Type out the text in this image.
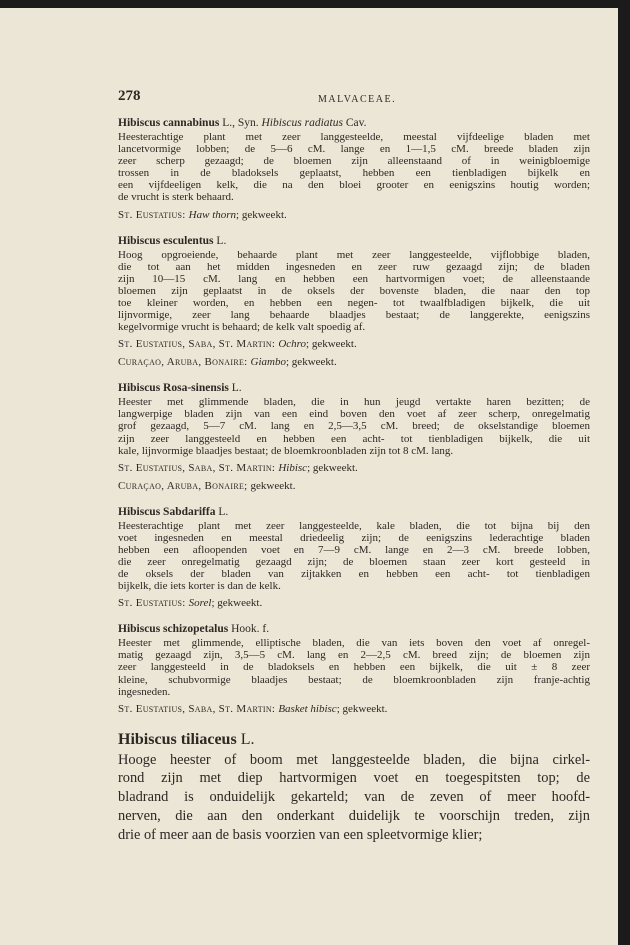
278	MALVACEAE.
Hibiscus cannabinus L., Syn. Hibiscus radiatus Cav.
Heesterachtige plant met zeer langgesteelde, meestal vijfdeelige bladen met
lancetvormige lobben; de 5—6 cM. lange en 1—1,5 cM. breede bladen zijn
zeer scherp gezaagd; de bloemen zijn alleenstaand of in weinigbloemige
trossen in de bladoksels geplaatst, hebben een tienbladigen bijkelk en
een vijfdeeligen kelk, die na den bloei grooter en eenigszins houtig worden;
de vrucht is sterk behaard.
St. Eustatius: Haw thorn; gekweekt.
Hibiscus esculentus L.
Hoog opgroeiende, behaarde plant met zeer langgesteelde, vijflobbige bladen,
die tot aan het midden ingesneden en zeer ruw gezaagd zijn; de bladen
zijn 10—15 cM. lang en hebben een hartvormigen voet; de alleenstaande
bloemen zijn geplaatst in de oksels der bovenste bladen, die naar den top
toe kleiner worden, en hebben een negen- tot twaalfbladigen bijkelk, die uit
lijnvormige, zeer lang behaarde blaadjes bestaat; de langgerekte, eenigszins
kegelvormige vrucht is behaard; de kelk valt spoedig af.
St. Eustatius, Saba, St. Martin: Ochro; gekweekt.
Curaçao, Aruba, Bonaire: Giambo; gekweekt.
Hibiscus Rosa-sinensis L.
Heester met glimmende bladen, die in hun jeugd vertakte haren bezitten; de
langwerpige bladen zijn van een eind boven den voet af zeer scherp, onregelmatig
grof gezaagd, 5—7 cM. lang en 2,5—3,5 cM. breed; de okselstandige bloemen
zijn zeer langgesteeld en hebben een acht- tot tienbladigen bijkelk, die uit
kale, lijnvormige blaadjes bestaat; de bloemkroonbladen zijn tot 8 cM. lang.
St. Eustatius, Saba, St. Martin: Hibisc; gekweekt.
Curaçao, Aruba, Bonaire; gekweekt.
Hibiscus Sabdariffa L.
Heesterachtige plant met zeer langgesteelde, kale bladen, die tot bijna bij den
voet ingesneden en meestal driedeelig zijn; de eenigszins lederachtige bladen
hebben een afloopenden voet en 7—9 cM. lange en 2—3 cM. breede lobben,
die zeer onregelmatig gezaagd zijn; de bloemen staan zeer kort gesteeld in
de oksels der bladen van zijtakken en hebben een acht- tot tienbladigen
bijkelk, die iets korter is dan de kelk.
St. Eustatius: Sorel; gekweekt.
Hibiscus schizopetalus Hook. f.
Heester met glimmende, elliptische bladen, die van iets boven den voet af onregel-
matig gezaagd zijn, 3,5—5 cM. lang en 2—2,5 cM. breed zijn; de bloemen zijn
zeer langgesteeld in de bladoksels en hebben een bijkelk, die uit ± 8 zeer
kleine, schubvormige blaadjes bestaat; de bloemkroonbladen zijn franje-achtig
ingesneden.
St. Eustatius, Saba, St. Martin: Basket hibisc; gekweekt.
Hibiscus tiliaceus L.
Hooge heester of boom met langgesteelde bladen, die bijna cirkel-
rond zijn met diep hartvormigen voet en toegespitsten top; de
bladrand is onduidelijk gekarteld; van de zeven of meer hoofd-
nerven, die aan den onderkant duidelijk te voorschijn treden, zijn
drie of meer aan de basis voorzien van een spleetvormige klier;
